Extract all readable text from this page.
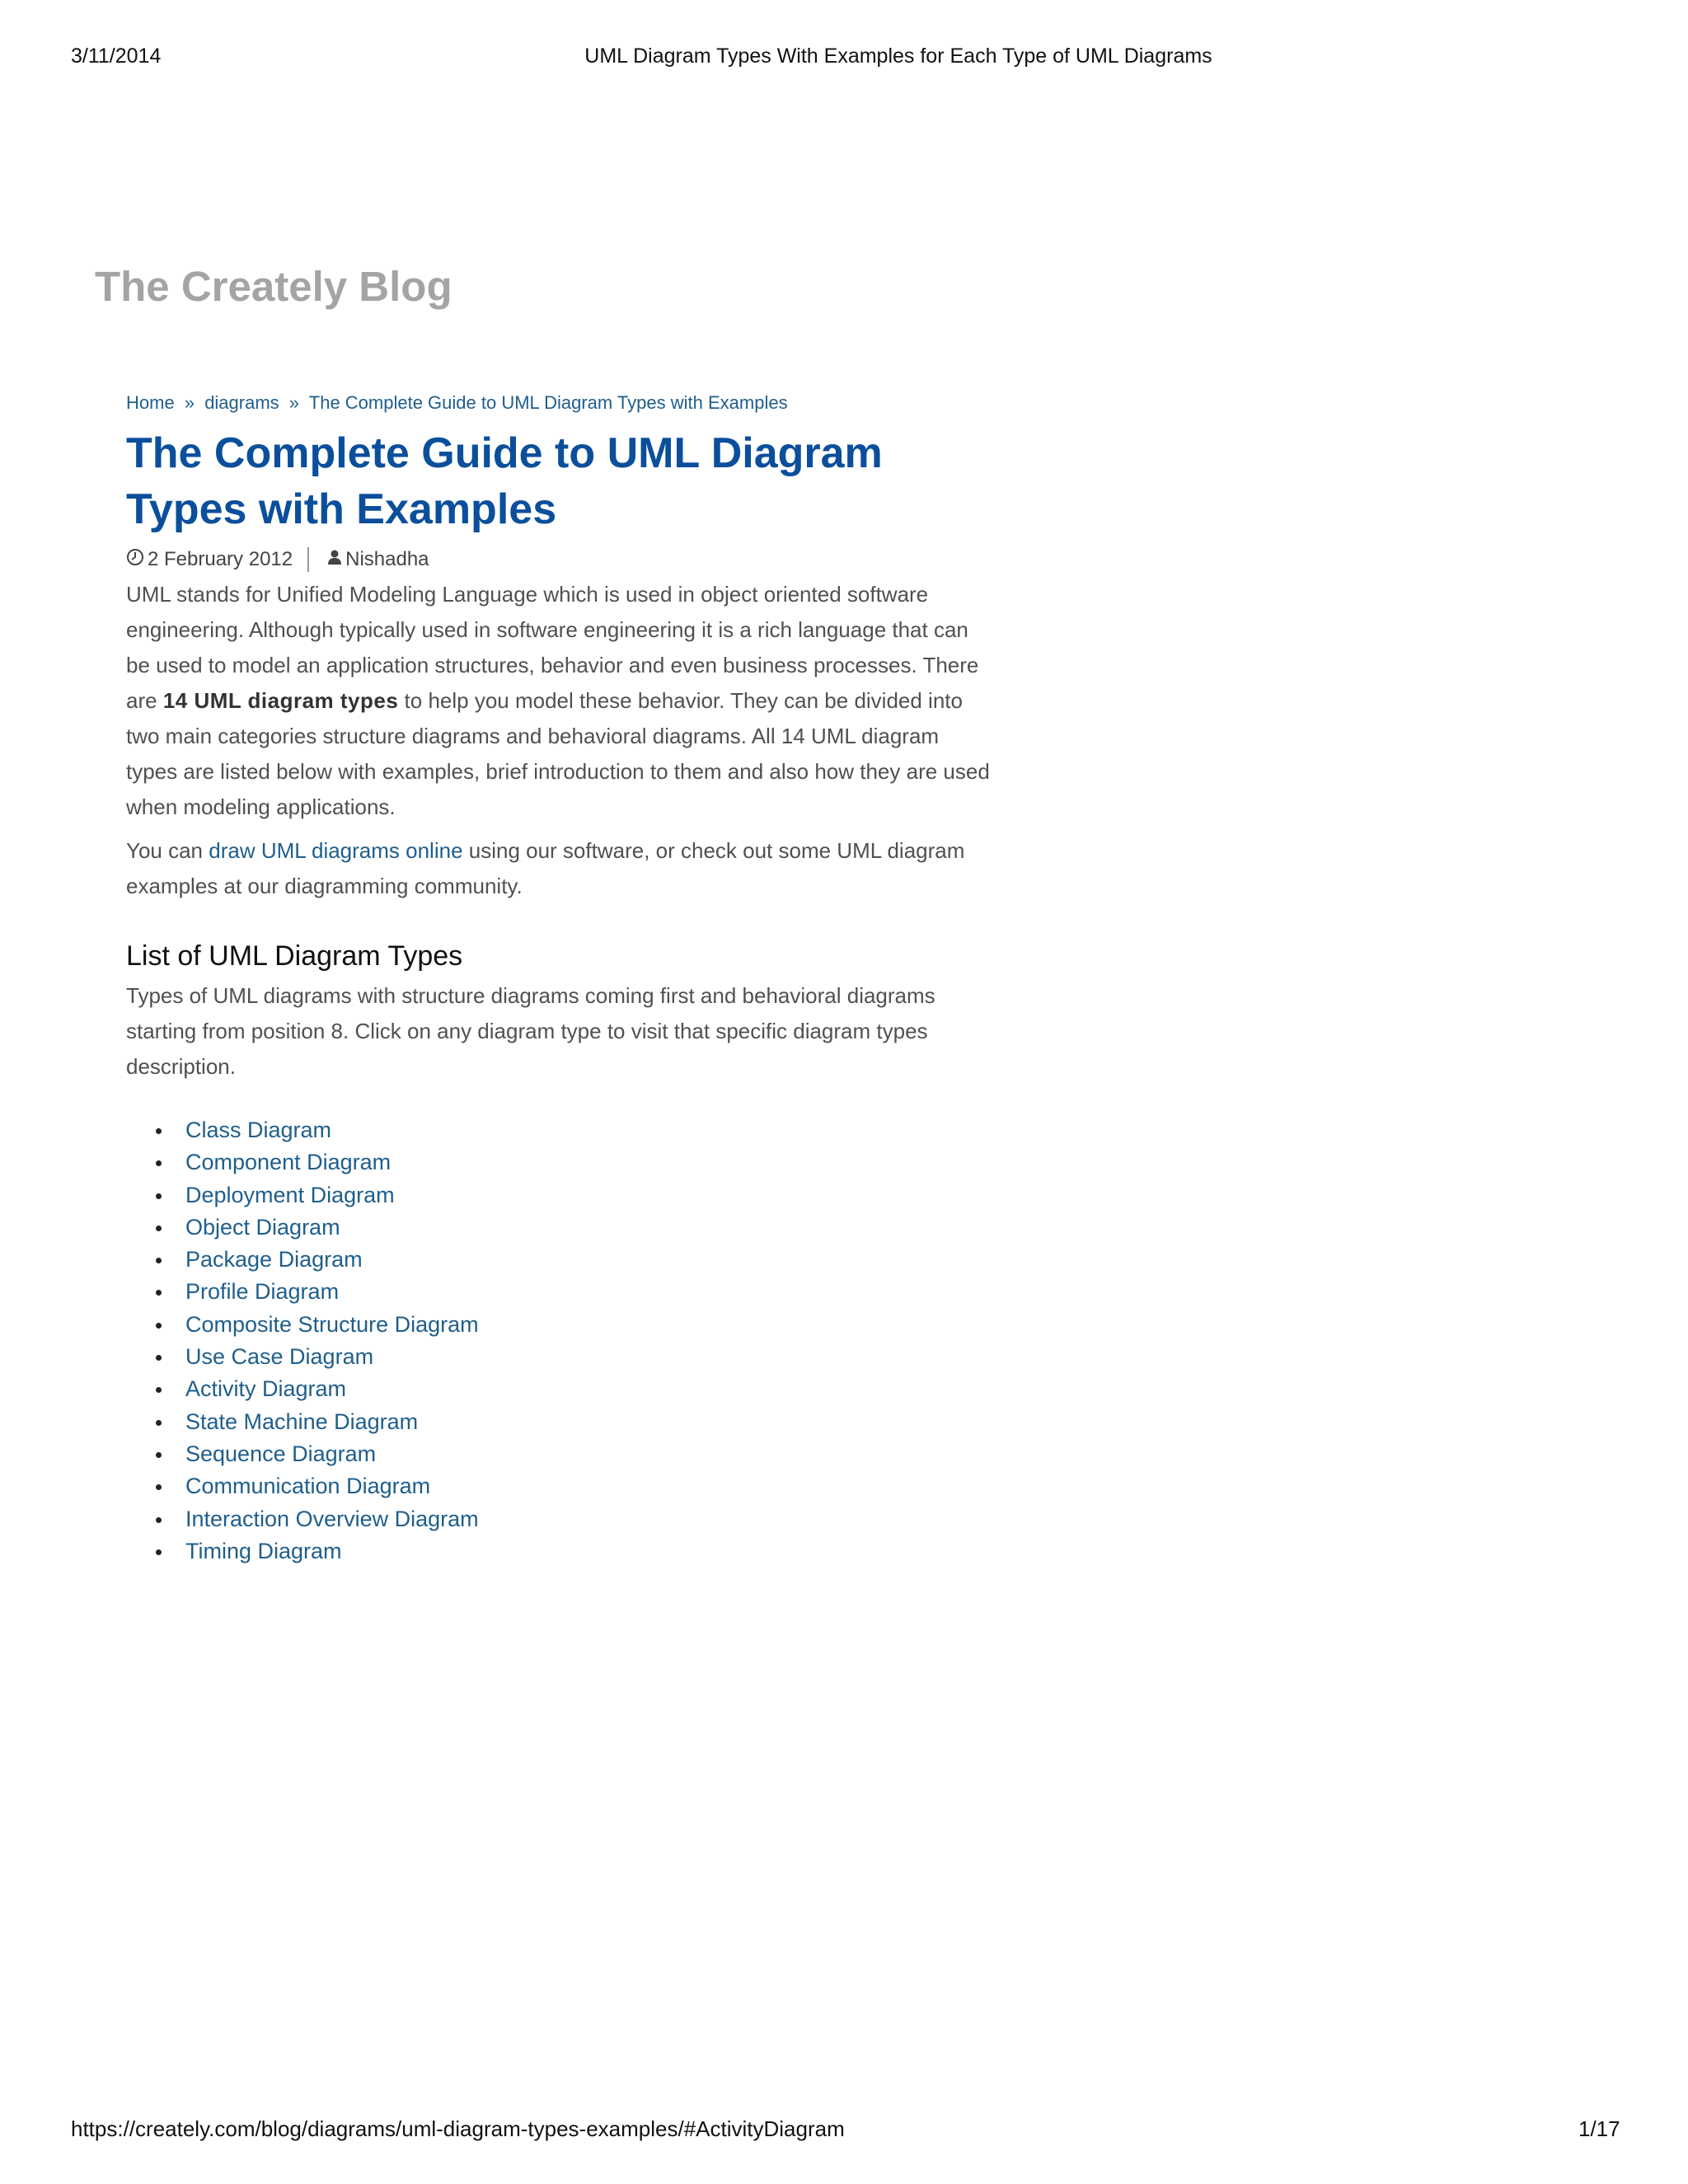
3/11/2014	UML Diagram Types With Examples for Each Type of UML Diagrams
The Creately Blog
Home » diagrams » The Complete Guide to UML Diagram Types with Examples
The Complete Guide to UML Diagram Types with Examples
2 February 2012	Nishadha

UML stands for Unified Modeling Language which is used in object oriented software engineering. Although typically used in software engineering it is a rich language that can be used to model an application structures, behavior and even business processes. There are 14 UML diagram types to help you model these behavior. They can be divided into two main categories structure diagrams and behavioral diagrams. All 14 UML diagram types are listed below with examples, brief introduction to them and also how they are used when modeling applications.

You can draw UML diagrams online using our software, or check out some UML diagram examples at our diagramming community.

List of UML Diagram Types

Types of UML diagrams with structure diagrams coming first and behavioral diagrams starting from position 8. Click on any diagram type to visit that specific diagram types description.

Class Diagram
Component Diagram
Deployment Diagram
Object Diagram
Package Diagram
Profile Diagram
Composite Structure Diagram
Use Case Diagram
Activity Diagram
State Machine Diagram
Sequence Diagram
Communication Diagram
Interaction Overview Diagram
Timing Diagram
https://creately.com/blog/diagrams/uml-diagram-types-examples/#ActivityDiagram	1/17
